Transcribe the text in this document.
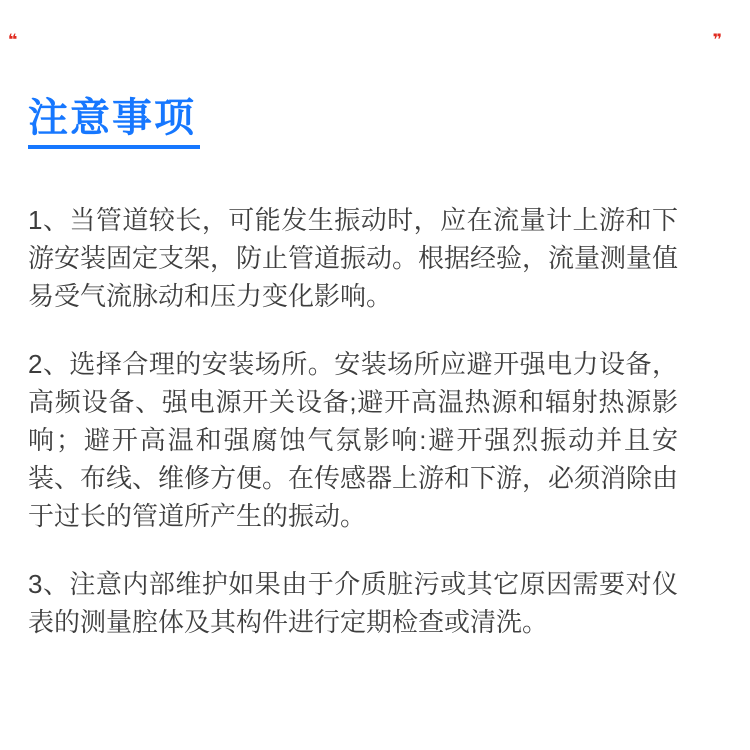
❝	❞
注意事项

1、当管道较长，可能发生振动时，应在流量计上游和下游安装固定支架，防止管道振动。根据经验，流量测量值易受气流脉动和压力变化影响。

2、选择合理的安装场所。安装场所应避开强电力设备，高频设备、强电源开关设备;避开高温热源和辐射热源影响；避开高温和强腐蚀气氛影响:避开强烈振动并且安装、布线、维修方便。在传感器上游和下游，必须消除由于过长的管道所产生的振动。

3、注意内部维护如果由于介质脏污或其它原因需要对仪表的测量腔体及其构件进行定期检查或清洗。
